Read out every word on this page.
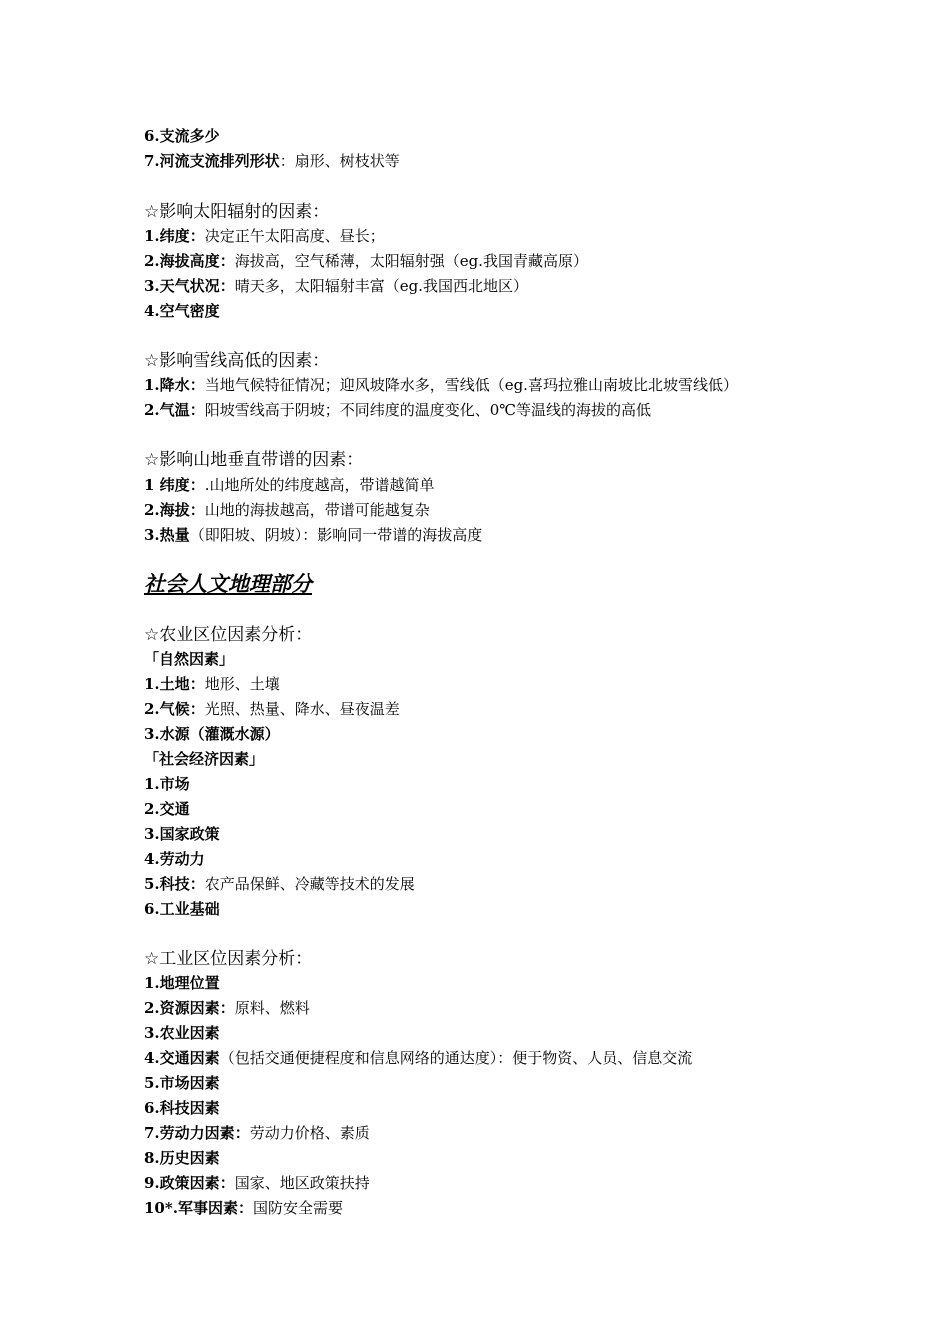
6.支流多少
7.河流支流排列形状：扇形、树枝状等
☆影响太阳辐射的因素：
1.纬度：决定正午太阳高度、昼长；
2.海拔高度：海拔高，空气稀薄，太阳辐射强（eg.我国青藏高原）
3.天气状况：晴天多，太阳辐射丰富（eg.我国西北地区）
4.空气密度
☆影响雪线高低的因素：
1.降水：当地气候特征情况；迎风坡降水多，雪线低（eg.喜玛拉雅山南坡比北坡雪线低）
2.气温：阳坡雪线高于阴坡；不同纬度的温度变化、0℃等温线的海拔的高低
☆影响山地垂直带谱的因素：
1 纬度：.山地所处的纬度越高，带谱越简单
2.海拔：山地的海拔越高，带谱可能越复杂
3.热量（即阳坡、阴坡）：影响同一带谱的海拔高度
社会人文地理部分
☆农业区位因素分析：
「自然因素」
1.土地：地形、土壤
2.气候：光照、热量、降水、昼夜温差
3.水源（灌溉水源）
「社会经济因素」
1.市场
2.交通
3.国家政策
4.劳动力
5.科技：农产品保鲜、冷藏等技术的发展
6.工业基础
☆工业区位因素分析：
1.地理位置
2.资源因素：原料、燃料
3.农业因素
4.交通因素（包括交通便捷程度和信息网络的通达度）：便于物资、人员、信息交流
5.市场因素
6.科技因素
7.劳动力因素：劳动力价格、素质
8.历史因素
9.政策因素：国家、地区政策扶持
10*.军事因素：国防安全需要
